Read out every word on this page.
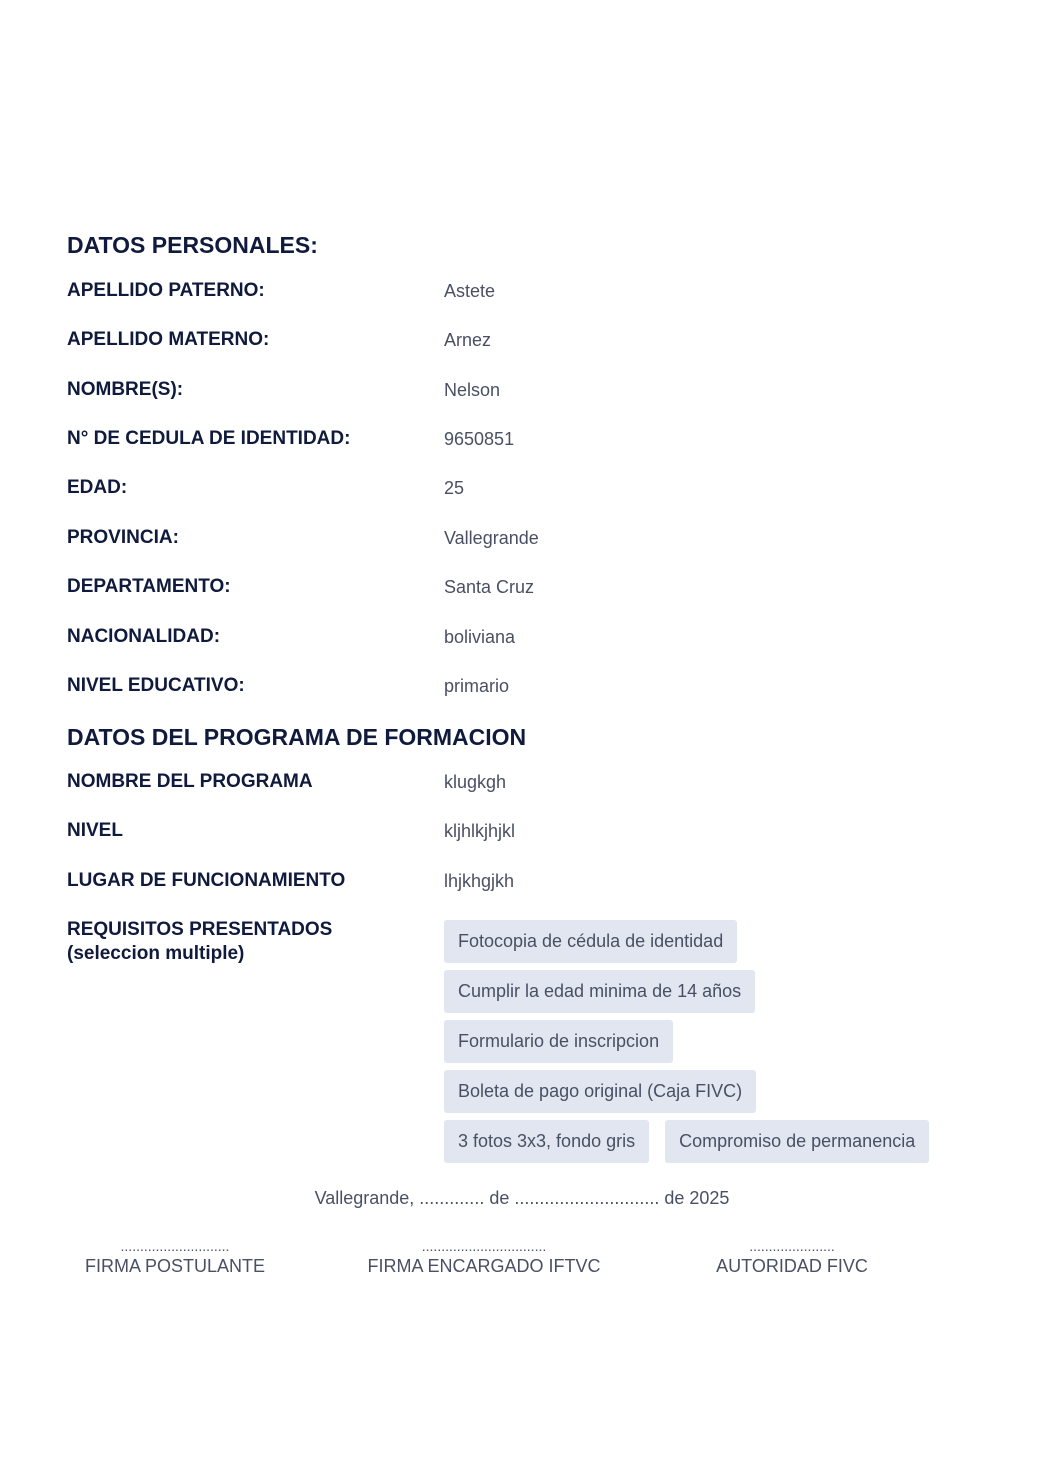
DATOS PERSONALES:
APELLIDO PATERNO:	Astete
APELLIDO MATERNO:	Arnez
NOMBRE(S):	Nelson
N° DE CEDULA DE IDENTIDAD:	9650851
EDAD:	25
PROVINCIA:	Vallegrande
DEPARTAMENTO:	Santa Cruz
NACIONALIDAD:	boliviana
NIVEL EDUCATIVO:	primario
DATOS DEL PROGRAMA DE FORMACION
NOMBRE DEL PROGRAMA	klugkgh
NIVEL	kljhlkjhjkl
LUGAR DE FUNCIONAMIENTO	lhjkhgjkh
REQUISITOS PRESENTADOS
(seleccion multiple)
Fotocopia de cédula de identidad
Cumplir la edad minima de 14 años
Formulario de inscripcion
Boleta de pago original (Caja FIVC)
3 fotos 3x3, fondo gris	Compromiso de permanencia
Vallegrande, ............. de ............................. de 2025
............................
FIRMA POSTULANTE
................................
FIRMA ENCARGADO IFTVC
......................
AUTORIDAD FIVC
